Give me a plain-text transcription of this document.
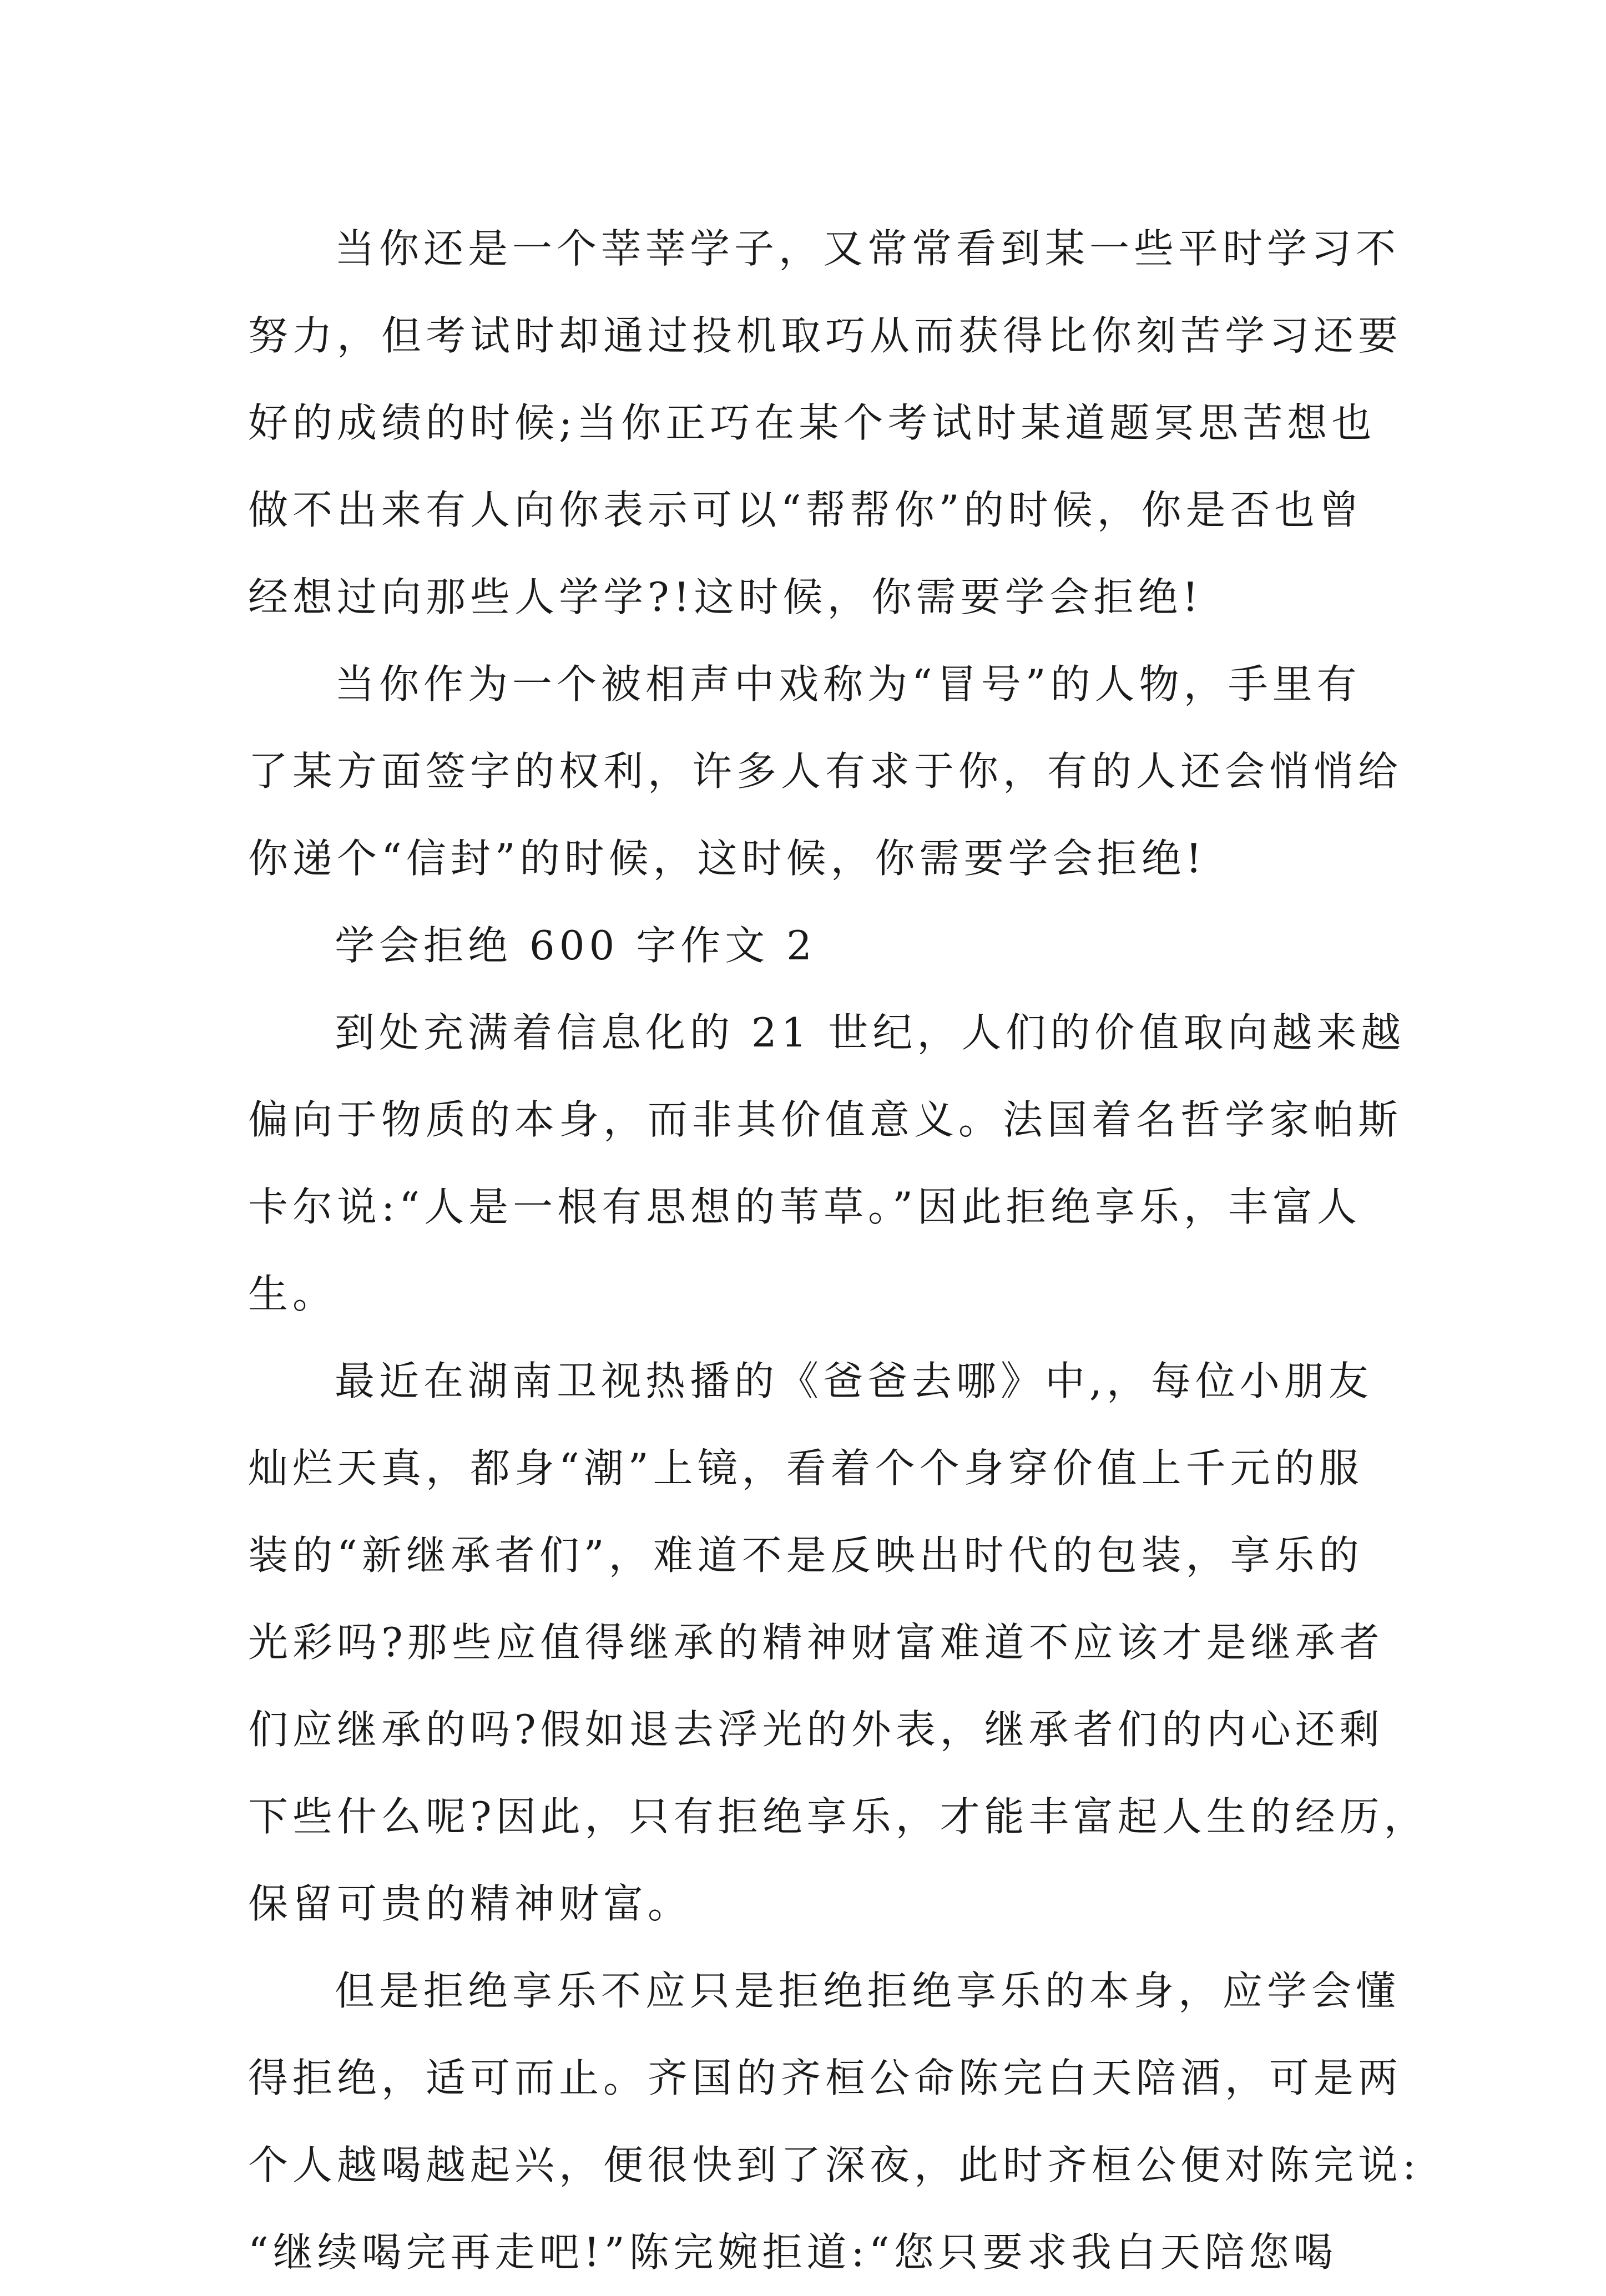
当你还是一个莘莘学子，又常常看到某一些平时学习不
努力，但考试时却通过投机取巧从而获得比你刻苦学习还要
好的成绩的时候;当你正巧在某个考试时某道题冥思苦想也
做不出来有人向你表示可以“帮帮你”的时候，你是否也曾
经想过向那些人学学?!这时候，你需要学会拒绝!
当你作为一个被相声中戏称为“冒号”的人物，手里有
了某方面签字的权利，许多人有求于你，有的人还会悄悄给
你递个“信封”的时候，这时候，你需要学会拒绝!
学会拒绝 600 字作文 2
到处充满着信息化的 21 世纪，人们的价值取向越来越
偏向于物质的本身，而非其价值意义。法国着名哲学家帕斯
卡尔说:“人是一根有思想的苇草。”因此拒绝享乐，丰富人
生。
最近在湖南卫视热播的《爸爸去哪》中,，每位小朋友
灿烂天真，都身“潮”上镜，看着个个身穿价值上千元的服
装的“新继承者们”，难道不是反映出时代的包装，享乐的
光彩吗?那些应值得继承的精神财富难道不应该才是继承者
们应继承的吗?假如退去浮光的外表，继承者们的内心还剩
下些什么呢?因此，只有拒绝享乐，才能丰富起人生的经历，
保留可贵的精神财富。
但是拒绝享乐不应只是拒绝拒绝享乐的本身，应学会懂
得拒绝，适可而止。齐国的齐桓公命陈完白天陪酒，可是两
个人越喝越起兴，便很快到了深夜，此时齐桓公便对陈完说:
“继续喝完再走吧!”陈完婉拒道:“您只要求我白天陪您喝
